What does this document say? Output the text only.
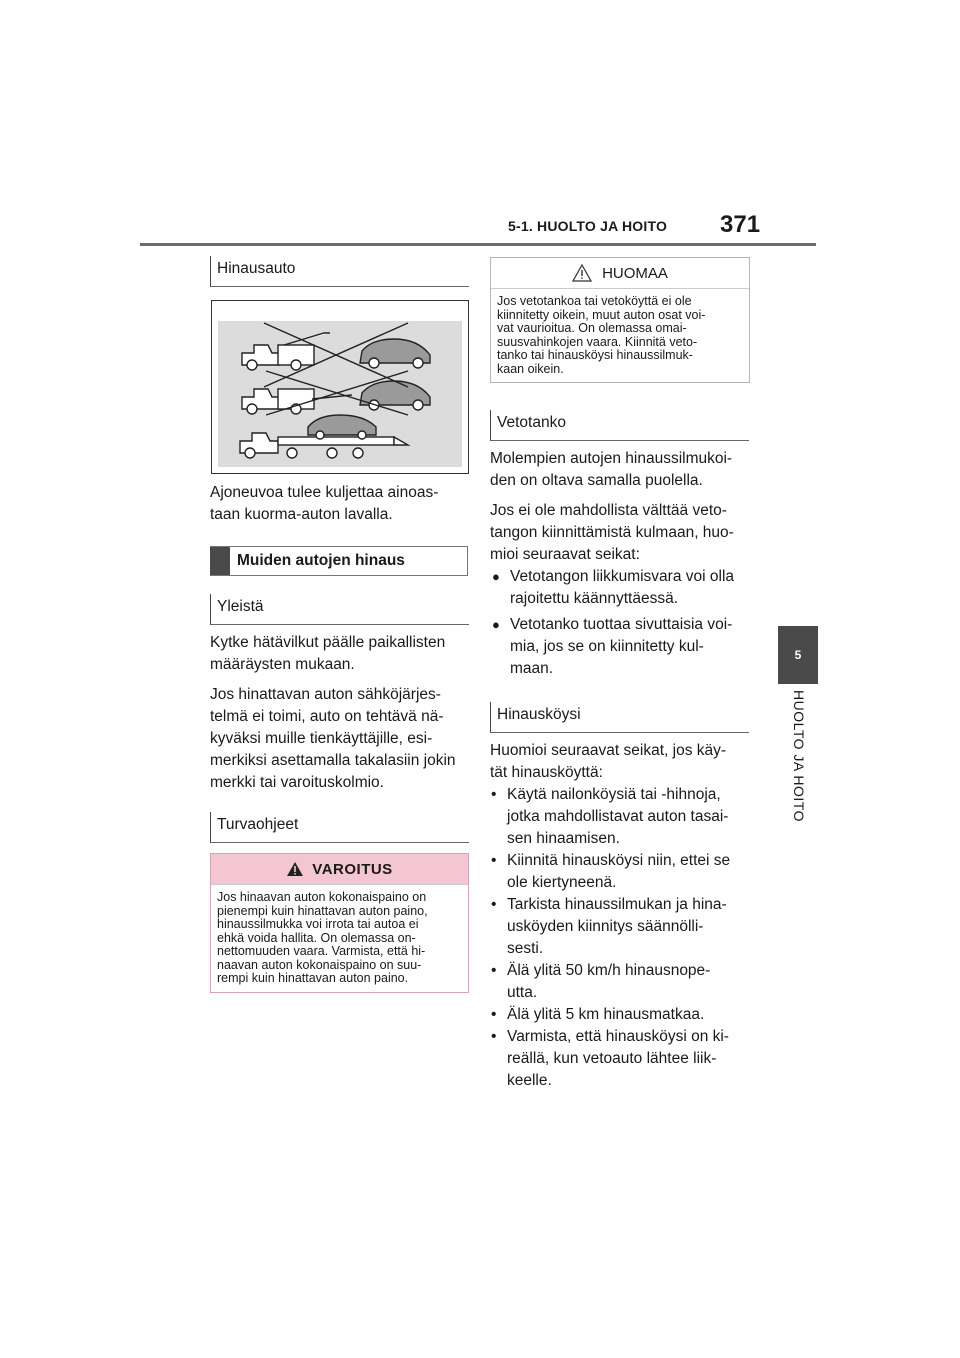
5-1. HUOLTO JA HOITO 371
5
HUOLTO JA HOITO
Hinausauto

Ajoneuvoa tulee kuljettaa ainoas-

taan kuorma-auton lavalla.

Muiden autojen hinaus
Yleistä

Kytke hätävilkut päälle paikallisten

määräysten mukaan.

Jos hinattavan auton sähköjärjes-

telmä ei toimi, auto on tehtävä nä-

kyväksi muille tienkäyttäjille, esi-

merkiksi asettamalla takalasiin jokin

merkki tai varoituskolmio.

Turvaohjeet
VAROITUS
Jos hinaavan auton kokonaispaino on
pienempi kuin hinattavan auton paino,
hinaussilmukka voi irrota tai autoa ei
ehkä voida hallita. On olemassa on-
nettomuuden vaara. Varmista, että hi-
naavan auton kokonaispaino on suu-
rempi kuin hinattavan auton paino.
HUOMAA
Jos vetotankoa tai vetoköyttä ei ole
kiinnitetty oikein, muut auton osat voi-
vat vaurioitua. On olemassa omai-
suusvahinkojen vaara. Kiinnitä veto-
tanko tai hinausköysi hinaussilmuk-
kaan oikein.
Vetotanko

Molempien autojen hinaussilmukoi-

den on oltava samalla puolella.

Jos ei ole mahdollista välttää veto-

tangon kiinnittämistä kulmaan, huo-

mioi seuraavat seikat:

● Vetotangon liikkumisvara voi olla
rajoitettu käännyttäessä.
● Vetotanko tuottaa sivuttaisia voi-
mia, jos se on kiinnitetty kul-
maan.
Hinausköysi

Huomioi seuraavat seikat, jos käy-

tät hinausköyttä:

• Käytä nailonköysiä tai -hihnoja,
jotka mahdollistavat auton tasai-
sen hinaamisen.
• Kiinnitä hinausköysi niin, ettei se
ole kiertyneenä.
• Tarkista hinaussilmukan ja hina-
usköyden kiinnitys säännölli-
sesti.
• Älä ylitä 50 km/h hinausnope-
utta.
• Älä ylitä 5 km hinausmatkaa.
• Varmista, että hinausköysi on ki-
reällä, kun vetoauto lähtee liik-
keelle.
